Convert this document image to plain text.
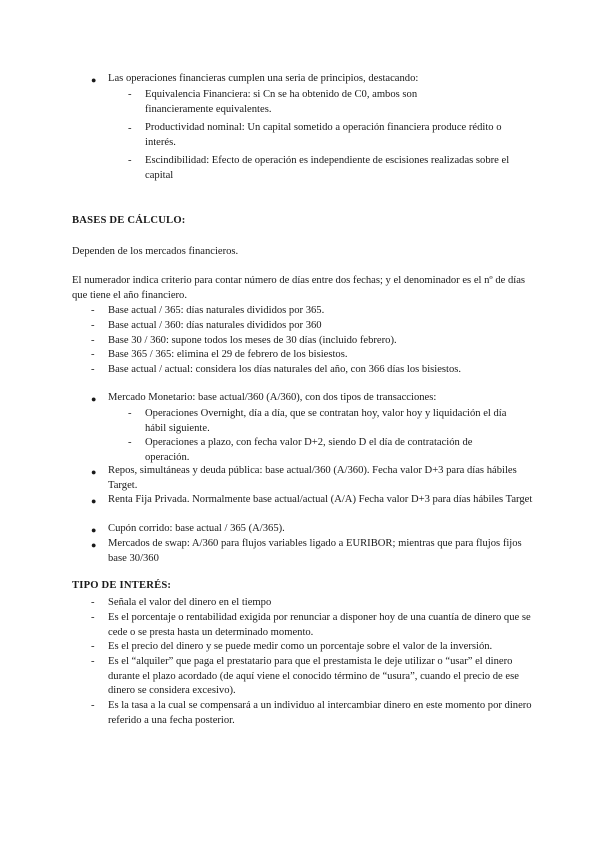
● Las operaciones financieras cumplen una seria de principios, destacando:
- Equivalencia Financiera: si Cn se ha obtenido de C0, ambos son financieramente equivalentes.
- Productividad nominal: Un capital sometido a operación financiera produce rédito o interés.
- Escindibilidad: Efecto de operación es independiente de escisiones realizadas sobre el capital
BASES DE CÁLCULO:
Dependen de los mercados financieros.
El numerador indica criterio para contar número de días entre dos fechas; y el denominador es el nº de días que tiene el año financiero.
- Base actual / 365: días naturales divididos por 365.
- Base actual / 360: días naturales divididos por 360
- Base 30 / 360: supone todos los meses de 30 días (incluido febrero).
- Base 365 / 365: elimina el 29 de febrero de los bisiestos.
- Base actual / actual: considera los días naturales del año, con 366 días los bisiestos.
● Mercado Monetario: base actual/360 (A/360), con dos tipos de transacciones:
- Operaciones Overnight, día a día, que se contratan hoy, valor hoy y liquidación el día hábil siguiente.
- Operaciones a plazo, con fecha valor D+2, siendo D el día de contratación de operación.
● Repos, simultáneas y deuda pública: base actual/360 (A/360). Fecha valor D+3 para días hábiles Target.
● Renta Fija Privada. Normalmente base actual/actual (A/A) Fecha valor D+3 para días hábiles Target
● Cupón corrido: base actual / 365 (A/365).
● Mercados de swap: A/360 para flujos variables ligado a EURIBOR; mientras que para flujos fijos base 30/360
TIPO DE INTERÉS:
- Señala el valor del dinero en el tiempo
- Es el porcentaje o rentabilidad exigida por renunciar a disponer hoy de una cuantía de dinero que se cede o se presta hasta un determinado momento.
- Es el precio del dinero y se puede medir como un porcentaje sobre el valor de la inversión.
- Es el “alquiler” que paga el prestatario para que el prestamista le deje utilizar o “usar” el dinero durante el plazo acordado (de aquí viene el conocido término de “usura”, cuando el precio de ese dinero se considera excesivo).
- Es la tasa a la cual se compensará a un individuo al intercambiar dinero en este momento por dinero referido a una fecha posterior.
